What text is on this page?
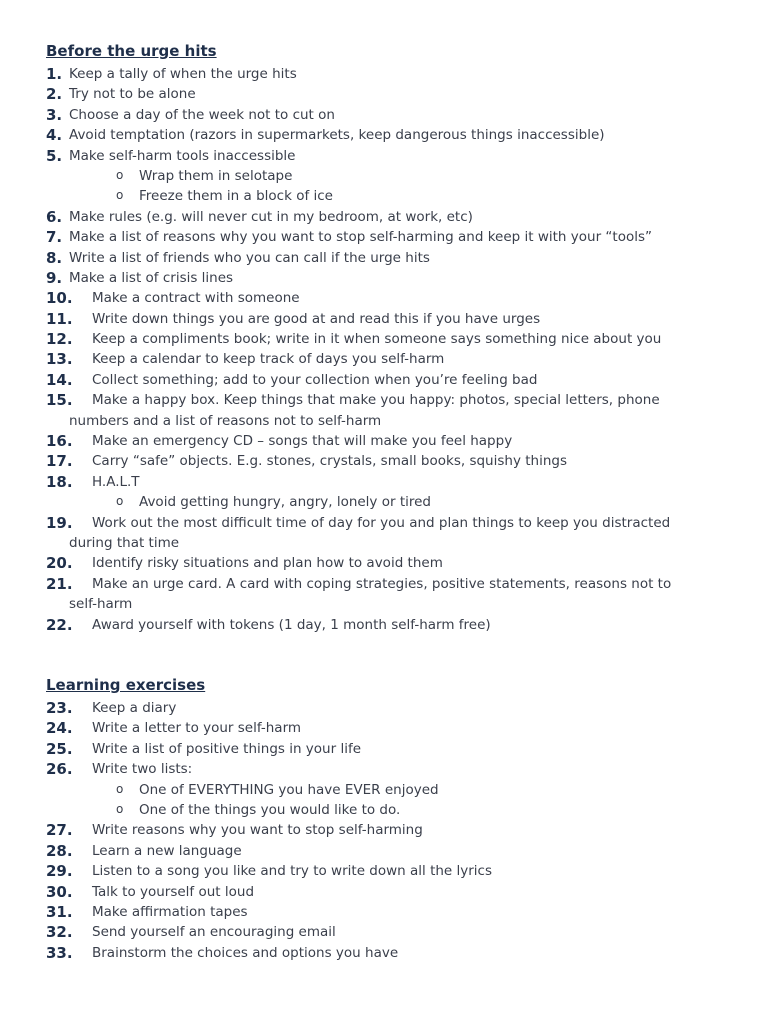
Before the urge hits
1. Keep a tally of when the urge hits
2. Try not to be alone
3. Choose a day of the week not to cut on
4. Avoid temptation (razors in supermarkets, keep dangerous things inaccessible)
5. Make self-harm tools inaccessible
o Wrap them in selotape
o Freeze them in a block of ice
6. Make rules (e.g. will never cut in my bedroom, at work, etc)
7. Make a list of reasons why you want to stop self-harming and keep it with your “tools”
8. Write a list of friends who you can call if the urge hits
9. Make a list of crisis lines
10. Make a contract with someone
11. Write down things you are good at and read this if you have urges
12. Keep a compliments book; write in it when someone says something nice about you
13. Keep a calendar to keep track of days you self-harm
14. Collect something; add to your collection when you’re feeling bad
15. Make a happy box. Keep things that make you happy: photos, special letters, phone
numbers and a list of reasons not to self-harm
16. Make an emergency CD – songs that will make you feel happy
17. Carry “safe” objects. E.g. stones, crystals, small books, squishy things
18. H.A.L.T
o Avoid getting hungry, angry, lonely or tired
19. Work out the most difficult time of day for you and plan things to keep you distracted
during that time
20. Identify risky situations and plan how to avoid them
21. Make an urge card. A card with coping strategies, positive statements, reasons not to
self-harm
22. Award yourself with tokens (1 day, 1 month self-harm free)
Learning exercises
23. Keep a diary
24. Write a letter to your self-harm
25. Write a list of positive things in your life
26. Write two lists:
o One of EVERYTHING you have EVER enjoyed
o One of the things you would like to do.
27. Write reasons why you want to stop self-harming
28. Learn a new language
29. Listen to a song you like and try to write down all the lyrics
30. Talk to yourself out loud
31. Make affirmation tapes
32. Send yourself an encouraging email
33. Brainstorm the choices and options you have
